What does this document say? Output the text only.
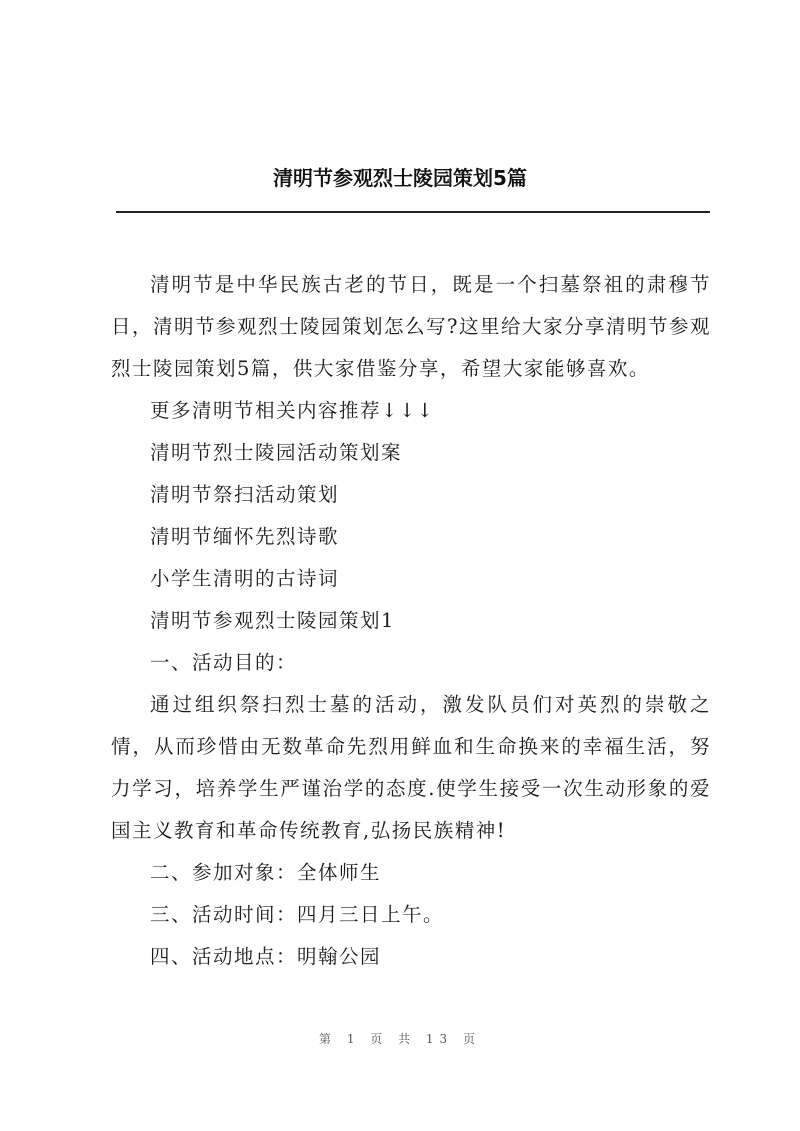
清明节参观烈士陵园策划5篇

清明节是中华民族古老的节日，既是一个扫墓祭祖的肃穆节日，清明节参观烈士陵园策划怎么写?这里给大家分享清明节参观烈士陵园策划5篇，供大家借鉴分享，希望大家能够喜欢。

更多清明节相关内容推荐↓↓↓

清明节烈士陵园活动策划案

清明节祭扫活动策划

清明节缅怀先烈诗歌

小学生清明的古诗词

清明节参观烈士陵园策划1

一、活动目的：

通过组织祭扫烈士墓的活动，激发队员们对英烈的崇敬之情，从而珍惜由无数革命先烈用鲜血和生命换来的幸福生活，努力学习，培养学生严谨治学的态度.使学生接受一次生动形象的爱国主义教育和革命传统教育,弘扬民族精神!

二、参加对象：全体师生

三、活动时间：四月三日上午。

四、活动地点：明翰公园

第 1 页 共 13 页
